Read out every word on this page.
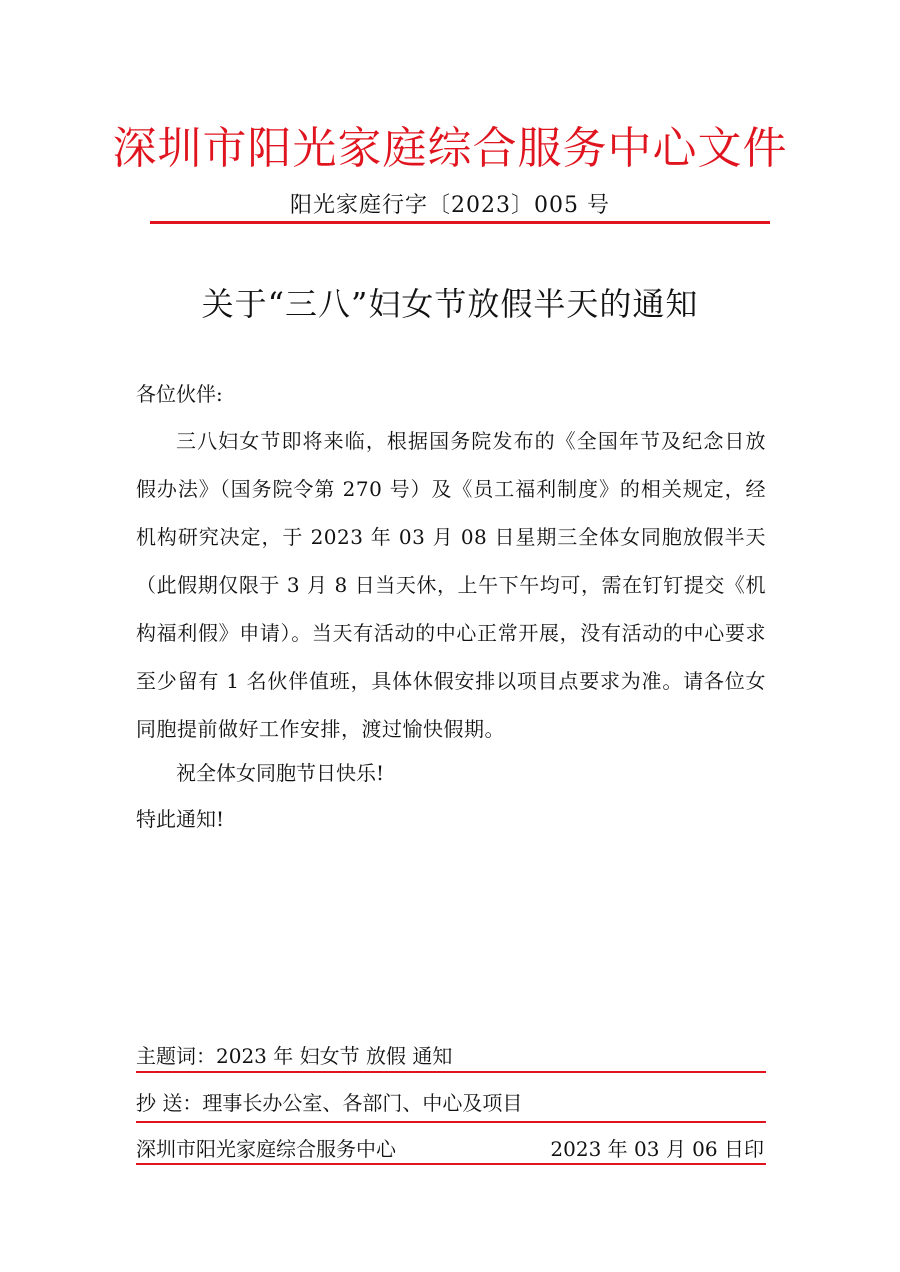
深圳市阳光家庭综合服务中心文件
阳光家庭行字〔2023〕005 号
关于“三八”妇女节放假半天的通知
各位伙伴:
三八妇女节即将来临，根据国务院发布的《全国年节及纪念日放假办法》（国务院令第 270 号）及《员工福利制度》的相关规定，经机构研究决定，于 2023 年 03 月 08 日星期三全体女同胞放假半天（此假期仅限于 3 月 8 日当天休，上午下午均可，需在钉钉提交《机构福利假》申请）。当天有活动的中心正常开展，没有活动的中心要求至少留有 1 名伙伴值班，具体休假安排以项目点要求为准。请各位女同胞提前做好工作安排，渡过愉快假期。
祝全体女同胞节日快乐!
特此通知!
主题词：2023 年 妇女节 放假 通知
抄 送：理事长办公室、各部门、中心及项目
深圳市阳光家庭综合服务中心	2023 年 03 月 06 日印
